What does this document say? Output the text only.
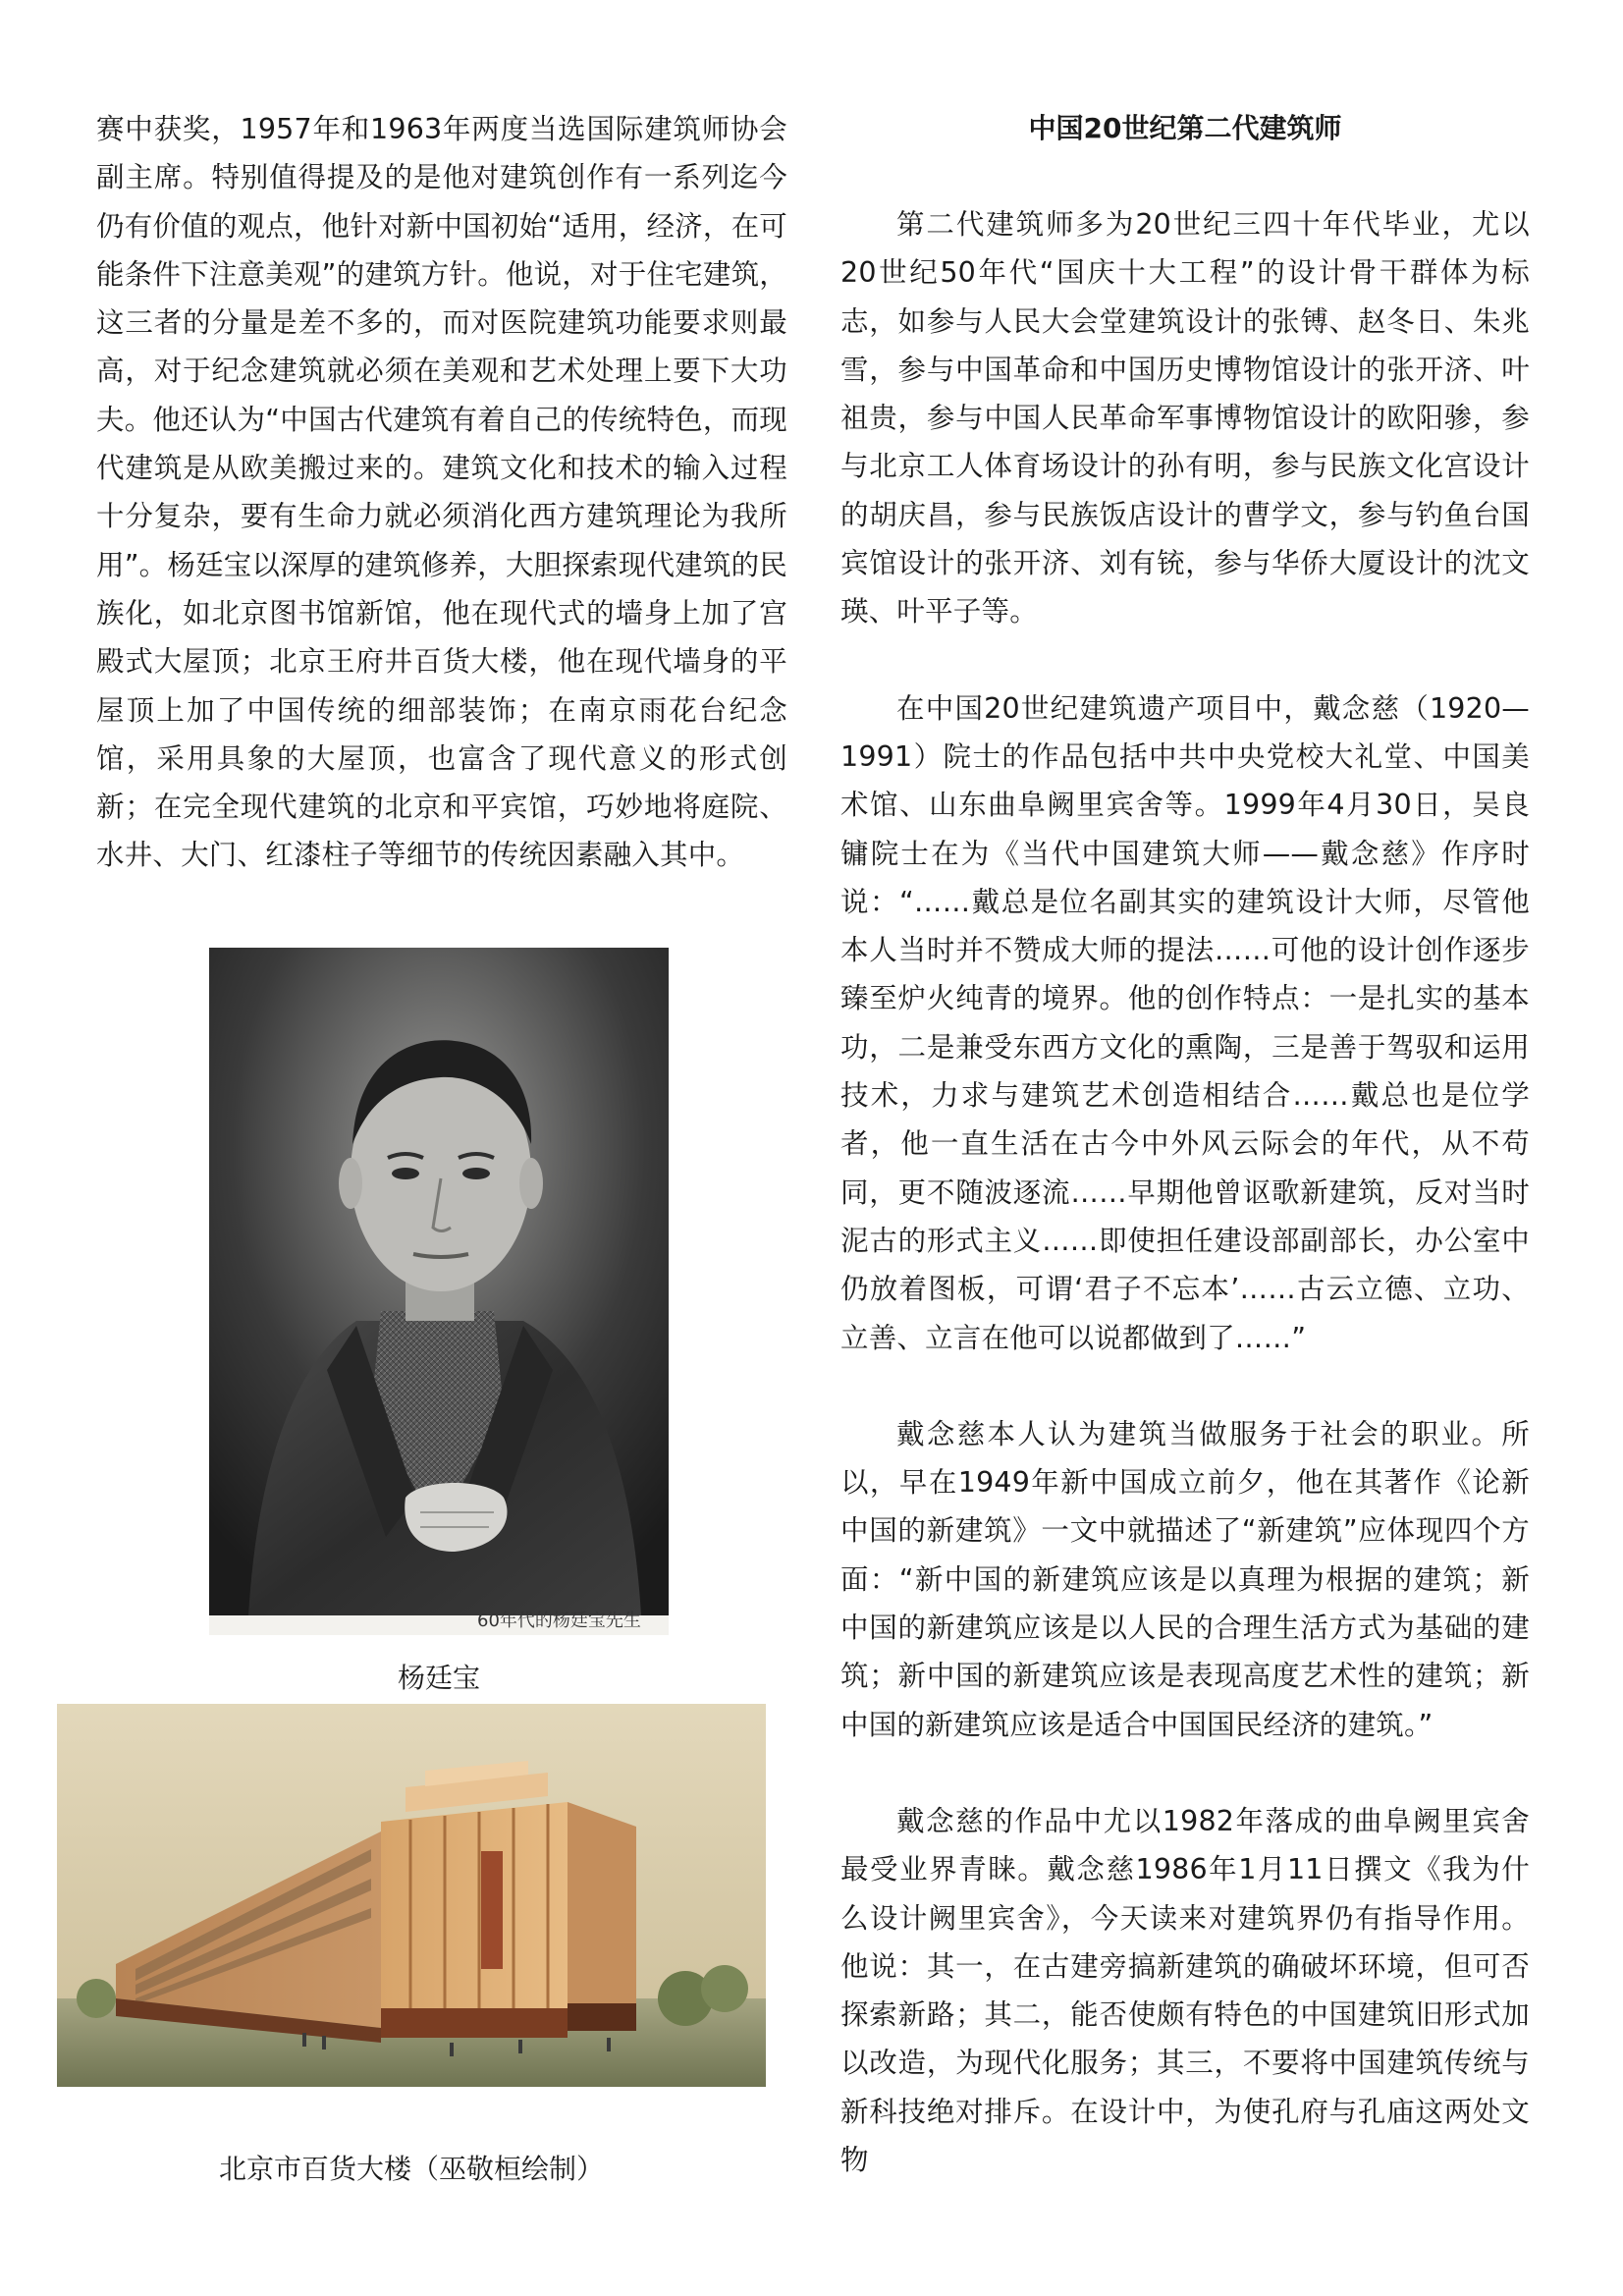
赛中获奖，1957年和1963年两度当选国际建筑师协会副主席。特别值得提及的是他对建筑创作有一系列迄今仍有价值的观点，他针对新中国初始“适用，经济，在可能条件下注意美观”的建筑方针。他说，对于住宅建筑，这三者的分量是差不多的，而对医院建筑功能要求则最高，对于纪念建筑就必须在美观和艺术处理上要下大功夫。他还认为“中国古代建筑有着自己的传统特色，而现代建筑是从欧美搬过来的。建筑文化和技术的输入过程十分复杂，要有生命力就必须消化西方建筑理论为我所用”。杨廷宝以深厚的建筑修养，大胆探索现代建筑的民族化，如北京图书馆新馆，他在现代式的墙身上加了宫殿式大屋顶；北京王府井百货大楼，他在现代墙身的平屋顶上加了中国传统的细部装饰；在南京雨花台纪念馆，采用具象的大屋顶，也富含了现代意义的形式创新；在完全现代建筑的北京和平宾馆，巧妙地将庭院、水井、大门、红漆柱子等细节的传统因素融入其中。

60年代的杨廷宝先生
杨廷宝
北京市百货大楼（巫敬桓绘制）
中国20世纪第二代建筑师

第二代建筑师多为20世纪三四十年代毕业，尤以20世纪50年代“国庆十大工程”的设计骨干群体为标志，如参与人民大会堂建筑设计的张镈、赵冬日、朱兆雪，参与中国革命和中国历史博物馆设计的张开济、叶祖贵，参与中国人民革命军事博物馆设计的欧阳骖，参与北京工人体育场设计的孙有明，参与民族文化宫设计的胡庆昌，参与民族饭店设计的曹学文，参与钓鱼台国宾馆设计的张开济、刘有铳，参与华侨大厦设计的沈文瑛、叶平子等。

在中国20世纪建筑遗产项目中，戴念慈（1920—1991）院士的作品包括中共中央党校大礼堂、中国美术馆、山东曲阜阙里宾舍等。1999年4月30日，吴良镛院士在为《当代中国建筑大师——戴念慈》作序时说：“……戴总是位名副其实的建筑设计大师，尽管他本人当时并不赞成大师的提法……可他的设计创作逐步臻至炉火纯青的境界。他的创作特点：一是扎实的基本功，二是兼受东西方文化的熏陶，三是善于驾驭和运用技术，力求与建筑艺术创造相结合……戴总也是位学者，他一直生活在古今中外风云际会的年代，从不苟同，更不随波逐流……早期他曾讴歌新建筑，反对当时泥古的形式主义……即使担任建设部副部长，办公室中仍放着图板，可谓‘君子不忘本’……古云立德、立功、立善、立言在他可以说都做到了……”

戴念慈本人认为建筑当做服务于社会的职业。所以，早在1949年新中国成立前夕，他在其著作《论新中国的新建筑》一文中就描述了“新建筑”应体现四个方面：“新中国的新建筑应该是以真理为根据的建筑；新中国的新建筑应该是以人民的合理生活方式为基础的建筑；新中国的新建筑应该是表现高度艺术性的建筑；新中国的新建筑应该是适合中国国民经济的建筑。”

戴念慈的作品中尤以1982年落成的曲阜阙里宾舍最受业界青睐。戴念慈1986年1月11日撰文《我为什么设计阙里宾舍》，今天读来对建筑界仍有指导作用。他说：其一，在古建旁搞新建筑的确破坏环境，但可否探索新路；其二，能否使颇有特色的中国建筑旧形式加以改造，为现代化服务；其三，不要将中国建筑传统与新科技绝对排斥。在设计中，为使孔府与孔庙这两处文物
